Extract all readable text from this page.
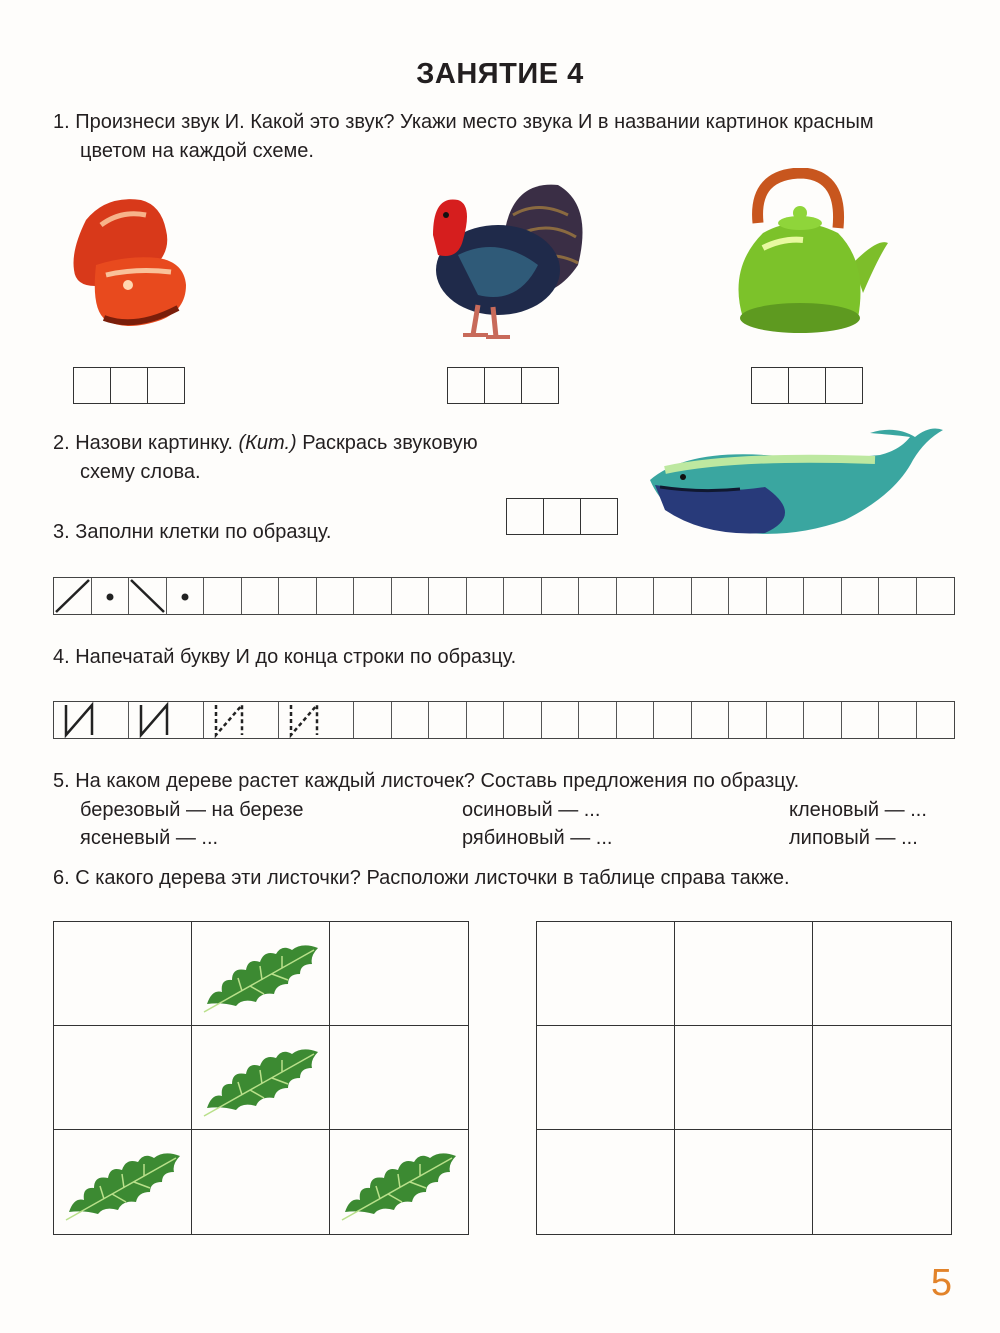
ЗАНЯТИЕ 4
1. Произнеси звук И. Какой это звук? Укажи место звука И в названии картинок красным
цветом на каждой схеме.
2. Назови картинку. (Кит.) Раскрась звуковую
схему слова.
3. Заполни клетки по образцу.
4. Напечатай букву И до конца строки по образцу.
5. На каком дереве растет каждый листочек? Составь предложения по образцу.
березовый — на березе
ясеневый — ...
осиновый — ...
рябиновый — ...
кленовый — ...
липовый — ...
6. С какого дерева эти листочки? Расположи листочки в таблице справа также.
5
